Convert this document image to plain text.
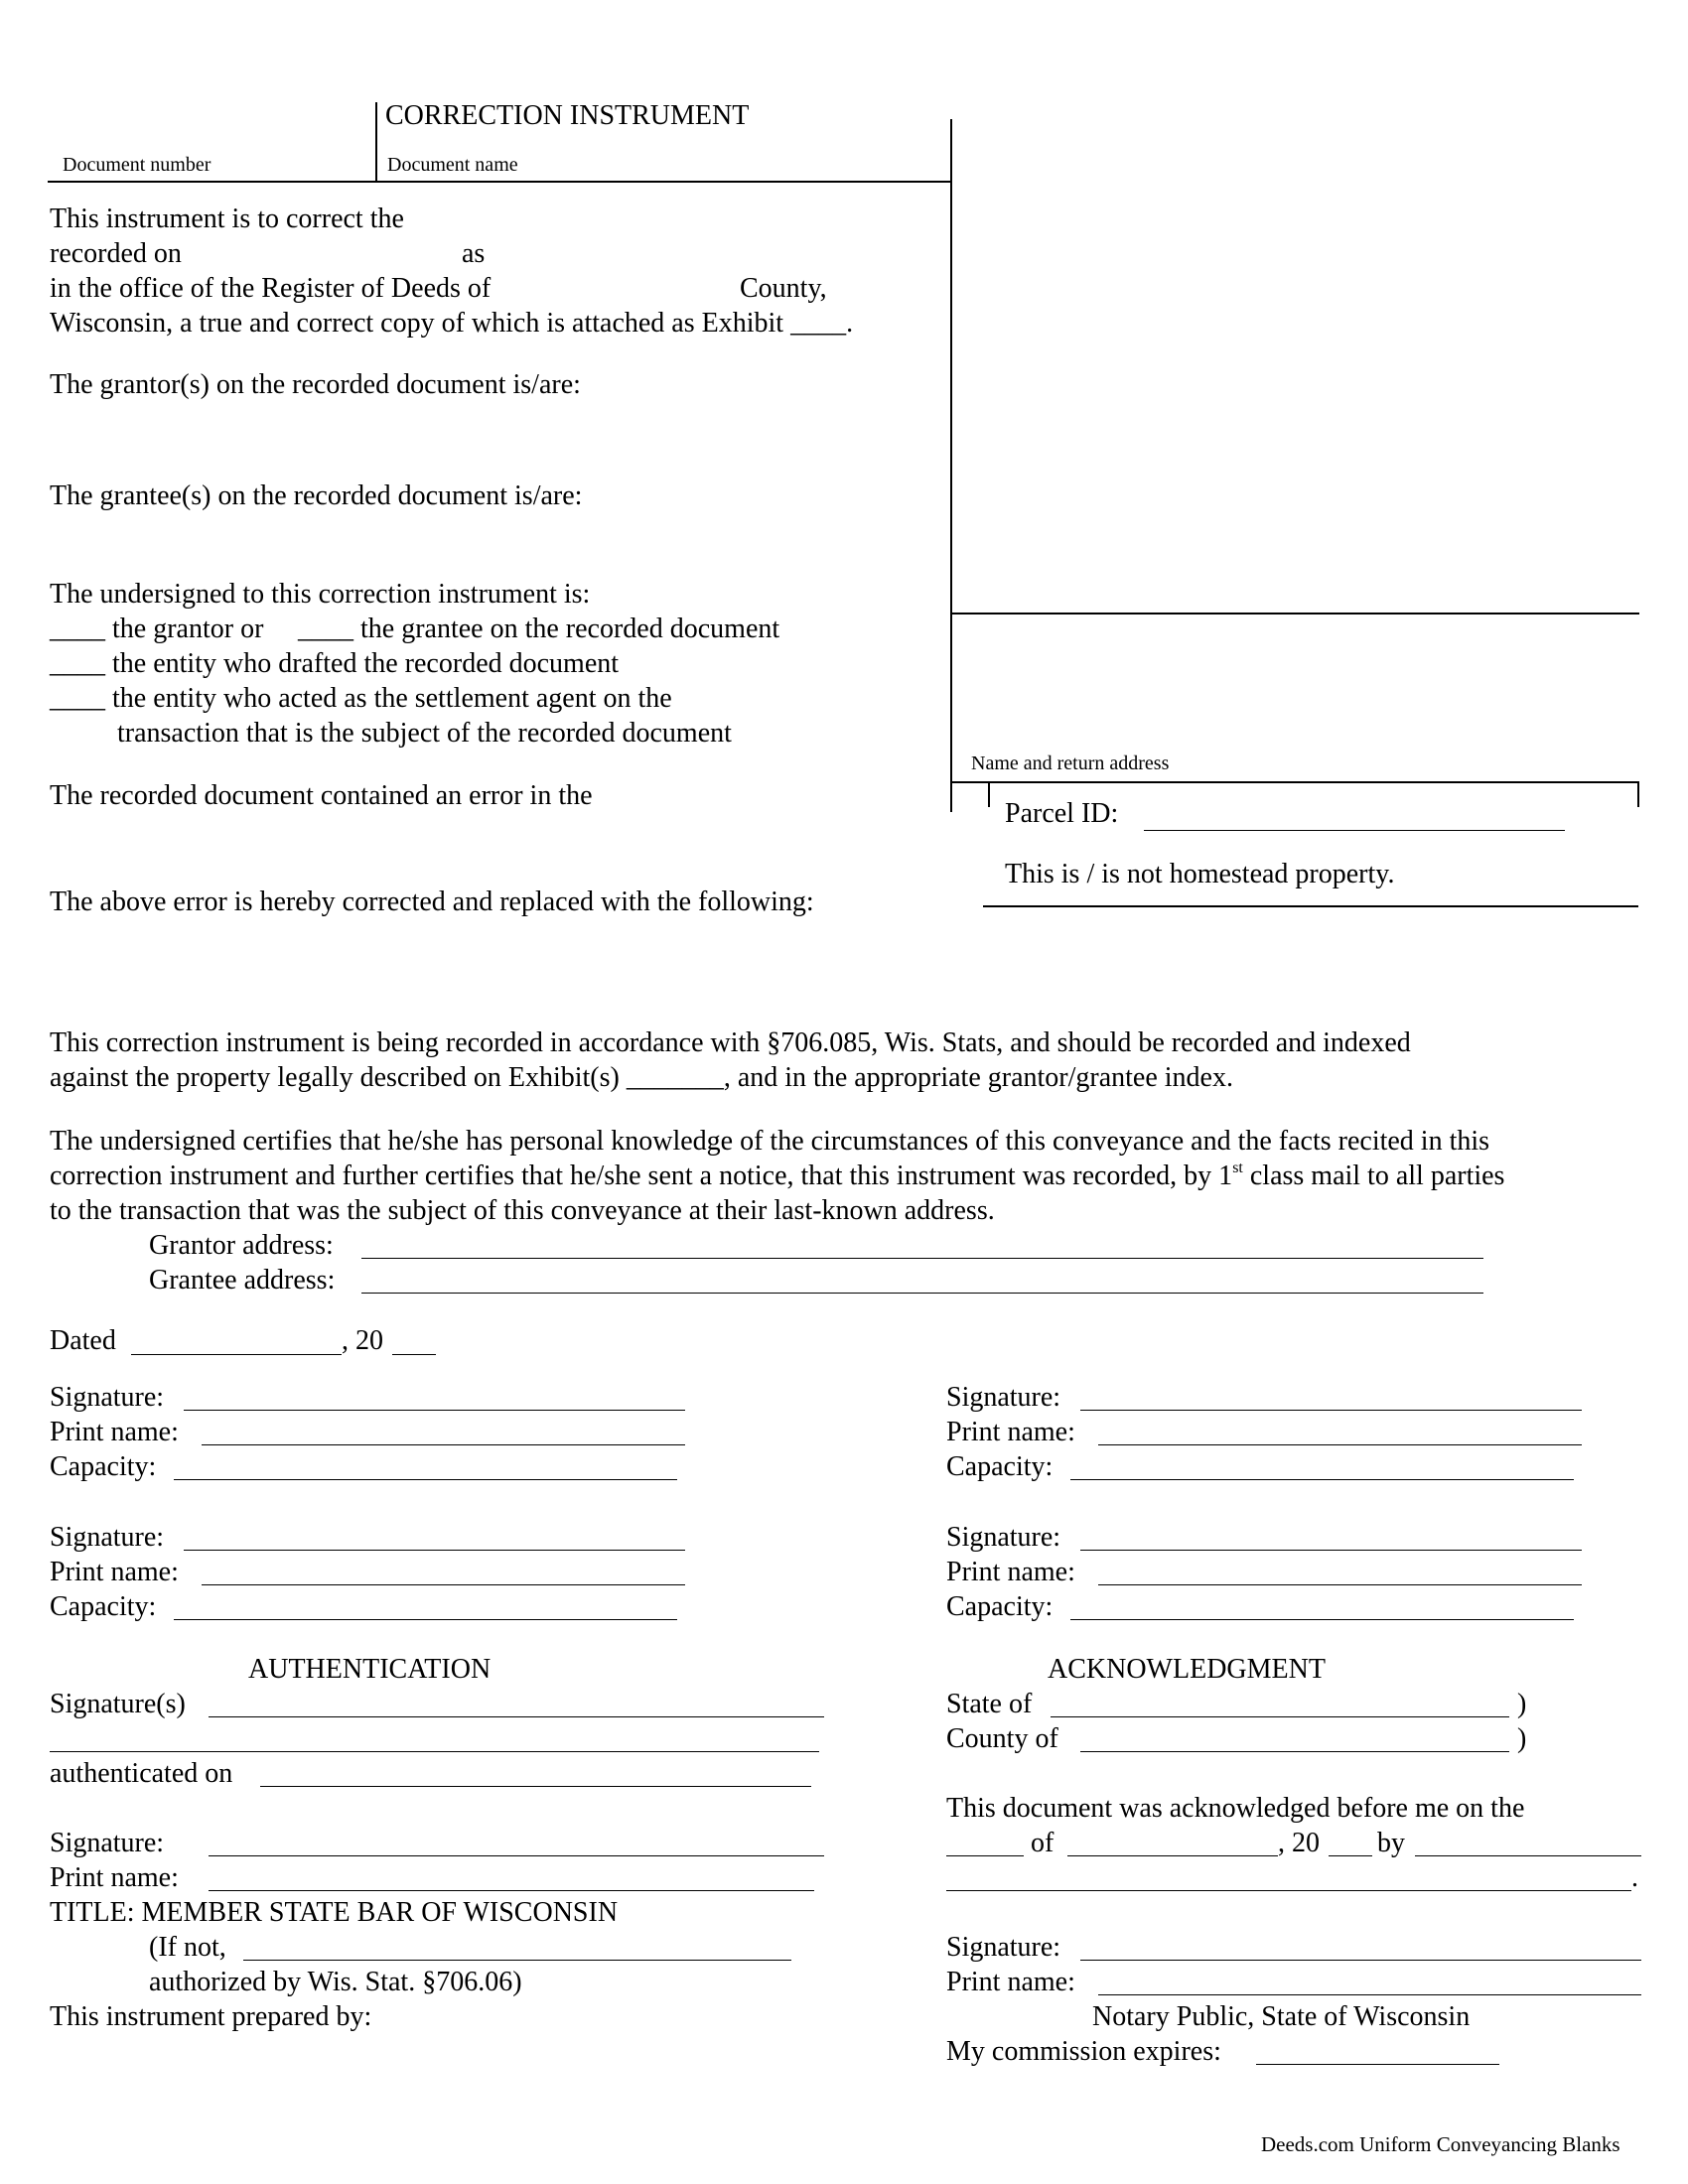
CORRECTION INSTRUMENT
Document number	Document name
Name and return address
Parcel ID:
This is / is not homestead property.
This instrument is to correct the
recorded on	as
in the office of the Register of Deeds of	County,
Wisconsin, a true and correct copy of which is attached as Exhibit ____.
The grantor(s) on the recorded document is/are:
The grantee(s) on the recorded document is/are:
The undersigned to this correction instrument is:
____ the grantor or ____ the grantee on the recorded document
____ the entity who drafted the recorded document
____ the entity who acted as the settlement agent on the
transaction that is the subject of the recorded document
The recorded document contained an error in the
The above error is hereby corrected and replaced with the following:
This correction instrument is being recorded in accordance with §706.085, Wis. Stats, and should be recorded and indexed
against the property legally described on Exhibit(s) _______, and in the appropriate grantor/grantee index.
The undersigned certifies that he/she has personal knowledge of the circumstances of this conveyance and the facts recited in this
correction instrument and further certifies that he/she sent a notice, that this instrument was recorded, by 1st class mail to all parties
to the transaction that was the subject of this conveyance at their last-known address.
Grantor address:
Grantee address:
Dated	, 20
Signature:
Print name:
Capacity:
Signature:
Print name:
Capacity:
Signature:
Print name:
Capacity:
Signature:
Print name:
Capacity:
AUTHENTICATION
Signature(s)
authenticated on
Signature:
Print name:
TITLE: MEMBER STATE BAR OF WISCONSIN
(If not,
authorized by Wis. Stat. §706.06)
This instrument prepared by:
ACKNOWLEDGMENT
State of	)
County of	)
This document was acknowledged before me on the
of	, 20 by
.
Signature:
Print name:
Notary Public, State of Wisconsin
My commission expires:
Deeds.com Uniform Conveyancing Blanks
